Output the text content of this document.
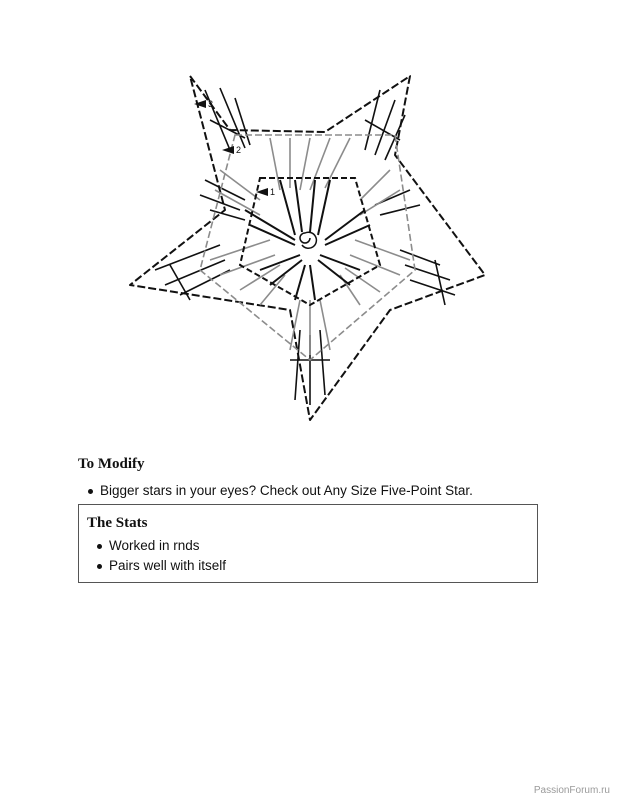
3
2
1
To Modify
Bigger stars in your eyes? Check out Any Size Five-Point Star.
The Stats
Worked in rnds
Pairs well with itself
PassionForum.ru
